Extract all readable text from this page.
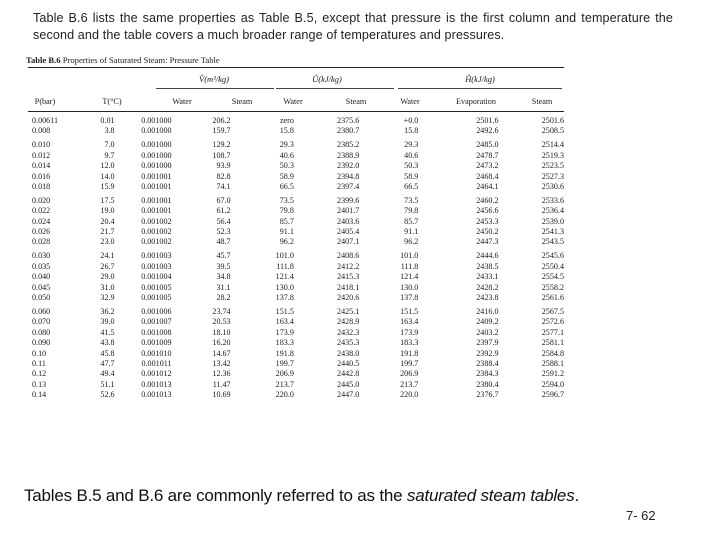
Table B.6 lists the same properties as Table B.5, except that pressure is the first column and temperature the second and the table covers a much broader range of temperatures and pressures.
Table B.6 Properties of Saturated Steam: Pressure Table
V̂(m³/kg)	Û(kJ/kg)	Ĥ(kJ/kg)
P(bar)	T(°C)	Water	Steam	Water	Steam	Water	Evaporation	Steam
0.00611	0.01	0.001000	206.2	zero	2375.6	+0.0	2501.6	2501.6
0.008	3.8	0.001000	159.7	15.8	2380.7	15.8	2492.6	2508.5
0.010	7.0	0.001000	129.2	29.3	2385.2	29.3	2485.0	2514.4
0.012	9.7	0.001000	108.7	40.6	2388.9	40.6	2478.7	2519.3
0.014	12.0	0.001000	93.9	50.3	2392.0	50.3	2473.2	2523.5
0.016	14.0	0.001001	82.8	58.9	2394.8	58.9	2468.4	2527.3
0.018	15.9	0.001001	74.1	66.5	2397.4	66.5	2464.1	2530.6
0.020	17.5	0.001001	67.0	73.5	2399.6	73.5	2460.2	2533.6
0.022	19.0	0.001001	61.2	79.8	2401.7	79.8	2456.6	2536.4
0.024	20.4	0.001002	56.4	85.7	2403.6	85.7	2453.3	2539.0
0.026	21.7	0.001002	52.3	91.1	2405.4	91.1	2450.2	2541.3
0.028	23.0	0.001002	48.7	96.2	2407.1	96.2	2447.3	2543.5
0.030	24.1	0.001003	45.7	101.0	2408.6	101.0	2444.6	2545.6
0.035	26.7	0.001003	39.5	111.8	2412.2	111.8	2438.5	2550.4
0.040	29.0	0.001004	34.8	121.4	2415.3	121.4	2433.1	2554.5
0.045	31.0	0.001005	31.1	130.0	2418.1	130.0	2428.2	2558.2
0.050	32.9	0.001005	28.2	137.8	2420.6	137.8	2423.8	2561.6
0.060	36.2	0.001006	23.74	151.5	2425.1	151.5	2416.0	2567.5
0.070	39.0	0.001007	20.53	163.4	2428.9	163.4	2409.2	2572.6
0.080	41.5	0.001008	18.10	173.9	2432.3	173.9	2403.2	2577.1
0.090	43.8	0.001009	16.20	183.3	2435.3	183.3	2397.9	2581.1
0.10	45.8	0.001010	14.67	191.8	2438.0	191.8	2392.9	2584.8
0.11	47.7	0.001011	13.42	199.7	2440.5	199.7	2388.4	2588.1
0.12	49.4	0.001012	12.36	206.9	2442.8	206.9	2384.3	2591.2
0.13	51.1	0.001013	11.47	213.7	2445.0	213.7	2380.4	2594.0
0.14	52.6	0.001013	10.69	220.0	2447.0	220.0	2376.7	2596.7
Tables B.5 and B.6 are commonly referred to as the saturated steam tables.
7- 62
